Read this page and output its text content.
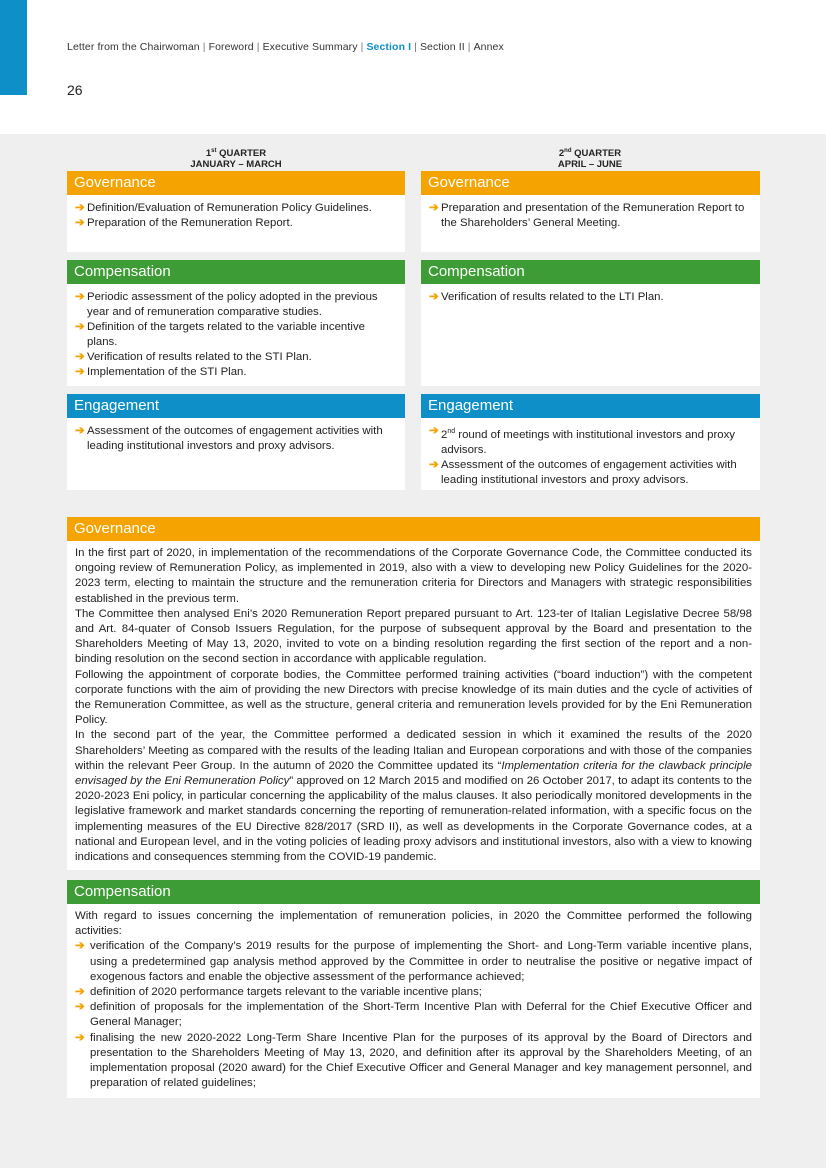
Letter from the Chairwoman | Foreword | Executive Summary | Section I | Section II | Annex
26
1st QUARTER
JANUARY – MARCH
Governance
➔ Definition/Evaluation of Remuneration Policy Guidelines.
➔ Preparation of the Remuneration Report.
Compensation
➔ Periodic assessment of the policy adopted in the previous year and of remuneration comparative studies.
➔ Definition of the targets related to the variable incentive plans.
➔ Verification of results related to the STI Plan.
➔ Implementation of the STI Plan.
Engagement
➔ Assessment of the outcomes of engagement activities with leading institutional investors and proxy advisors.
2nd QUARTER
APRIL – JUNE
Governance
➔ Preparation and presentation of the Remuneration Report to the Shareholders’ General Meeting.
Compensation
➔ Verification of results related to the LTI Plan.
Engagement
➔ 2nd round of meetings with institutional investors and proxy advisors.
➔ Assessment of the outcomes of engagement activities with leading institutional investors and proxy advisors.
Governance

In the first part of 2020, in implementation of the recommendations of the Corporate Governance Code, the Committee conducted its ongoing review of Remuneration Policy, as implemented in 2019, also with a view to developing new Policy Guidelines for the 2020-2023 term, electing to maintain the structure and the remuneration criteria for Directors and Managers with strategic responsibilities established in the previous term.

The Committee then analysed Eni’s 2020 Remuneration Report prepared pursuant to Art. 123-ter of Italian Legislative Decree 58/98 and Art. 84-quater of Consob Issuers Regulation, for the purpose of subsequent approval by the Board and presentation to the Shareholders Meeting of May 13, 2020, invited to vote on a binding resolution regarding the first section of the report and a non-binding resolution on the second section in accordance with applicable regulation.

Following the appointment of corporate bodies, the Committee performed training activities (“board induction”) with the competent corporate functions with the aim of providing the new Directors with precise knowledge of its main duties and the cycle of activities of the Remuneration Committee, as well as the structure, general criteria and remuneration levels provided for by the Eni Remuneration Policy.

In the second part of the year, the Committee performed a dedicated session in which it examined the results of the 2020 Shareholders’ Meeting as compared with the results of the leading Italian and European corporations and with those of the companies within the relevant Peer Group. In the autumn of 2020 the Committee updated its “Implementation criteria for the clawback principle envisaged by the Eni Remuneration Policy” approved on 12 March 2015 and modified on 26 October 2017, to adapt its contents to the 2020-2023 Eni policy, in particular concerning the applicability of the malus clauses. It also periodically monitored developments in the legislative framework and market standards concerning the reporting of remuneration-related information, with a specific focus on the implementing measures of the EU Directive 828/2017 (SRD II), as well as developments in the Corporate Governance codes, at a national and European level, and in the voting policies of leading proxy advisors and institutional investors, also with a view to knowing indications and consequences stemming from the COVID-19 pandemic.

Compensation

With regard to issues concerning the implementation of remuneration policies, in 2020 the Committee performed the following activities:

➔ verification of the Company’s 2019 results for the purpose of implementing the Short- and Long-Term variable incentive plans, using a predetermined gap analysis method approved by the Committee in order to neutralise the positive or negative impact of exogenous factors and enable the objective assessment of the performance achieved;
➔ definition of 2020 performance targets relevant to the variable incentive plans;
➔ definition of proposals for the implementation of the Short-Term Incentive Plan with Deferral for the Chief Executive Officer and General Manager;
➔ finalising the new 2020-2022 Long-Term Share Incentive Plan for the purposes of its approval by the Board of Directors and presentation to the Shareholders Meeting of May 13, 2020, and definition after its approval by the Shareholders Meeting, of an implementation proposal (2020 award) for the Chief Executive Officer and General Manager and key management personnel, and preparation of related guidelines;
